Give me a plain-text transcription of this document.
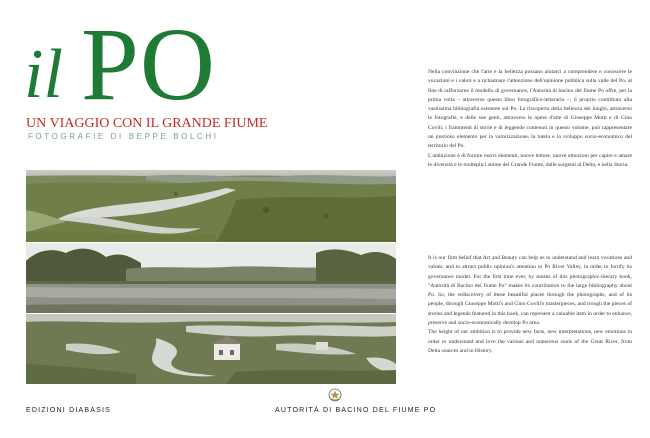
il PO
UN VIAGGIO CON IL GRANDE FIUME
FOTOGRAFIE DI BEPPE BOLCHI

Nella convinzione che l'arte e la bellezza possano aiutarci a comprendere e conoscere le vocazioni e i valori e a richiamare l'attenzione dell'opinione pubblica sulla valle del Po, al fine di rafforzarne il modello di governance, l'Autorità di bacino del fiume Po offre, per la prima volta – attraverso questo libro fotografico-letterario –, il proprio contributo alla vastissima bibliografia esistente sul Po. La riscoperta della bellezza dei luoghi, attraverso le fotografie, e delle sue genti, attraverso le opere d'arte di Giuseppe Motti e di Gino Covili, i frammenti di storie e di leggende contenuti in questo volume, può rappresentare un prezioso elemento per la valorizzazione, la tutela e lo sviluppo socio-economico del territorio del Po.

L'ambizione è di fornire nuovi elementi, nuove letture, nuove emozioni per capire e amare le diversità e le molteplici anime del Grande Fiume, dalle sorgenti al Delta, e nella Storia.

It is our firm belief that Art and Beauty can help us to understand and learn vocations and values, and to attract public opinion's attention to Po River Valley, in order to fortify its governance model. For the first time ever, by means of this photographic-literary book, "Autorità di Bacino del fiume Po" makes its contribution to the large bibliography about Po. So, the rediscovery of these beautiful places through the photographs, and of its people, through Giuseppe Motti's and Gino Covili's masterpieces, and trough the pieces of stories and legends featured in this book, can represent a valuable item in order to enhance, preserve and socio-economically develop Po area.

The height of our ambition is to provide new facts, new interpretations, new emotions in order to understand and love the various and numerous souls of the Great River, from Delta sources and in History.

EDIZIONI DIABASIS	AUTORITÀ DI BACINO DEL FIUME PO
